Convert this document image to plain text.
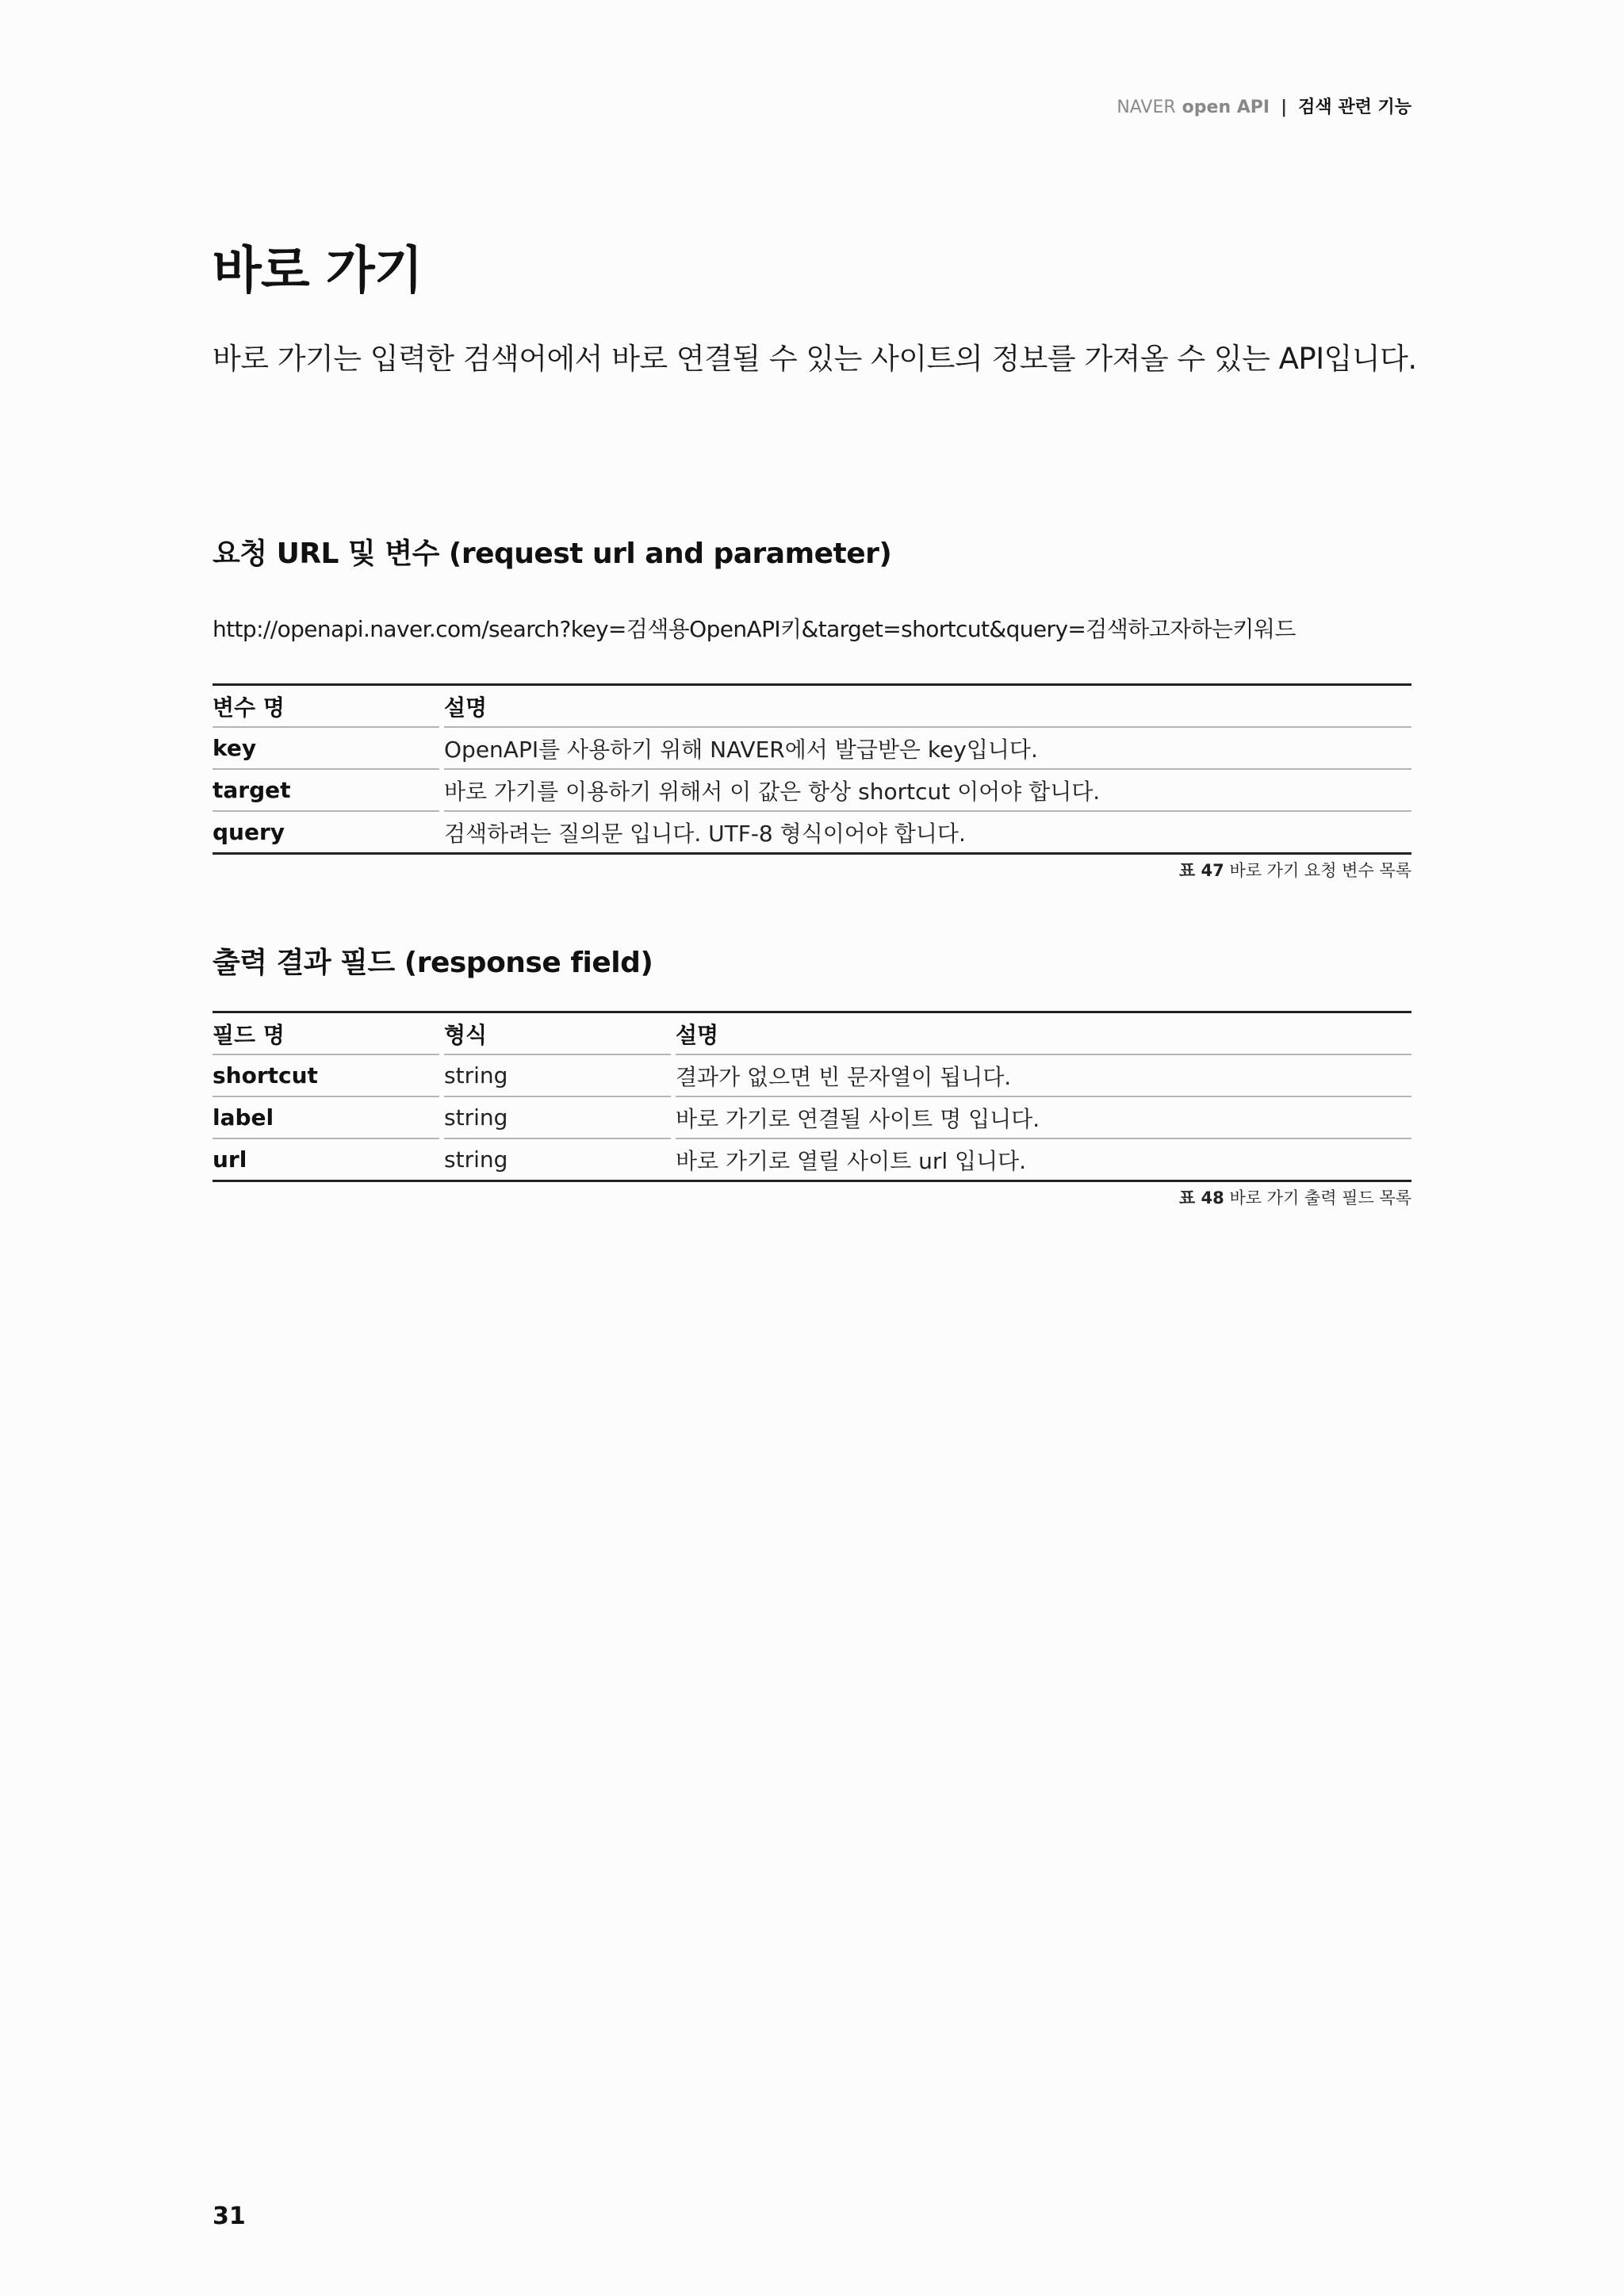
NAVER open API | 검색 관련 기능
바로 가기

바로 가기는 입력한 검색어에서 바로 연결될 수 있는 사이트의 정보를 가져올 수 있는 API입니다.

요청 URL 및 변수 (request url and parameter)
http://openapi.naver.com/search?key=검색용OpenAPI키&target=shortcut&query=검색하고자하는키워드
변수 명		설명
key		OpenAPI를 사용하기 위해 NAVER에서 발급받은 key입니다.
target		바로 가기를 이용하기 위해서 이 값은 항상 shortcut 이어야 합니다.
query		검색하려는 질의문 입니다. UTF-8 형식이어야 합니다.
표 47 바로 가기 요청 변수 목록
출력 결과 필드 (response field)
필드 명		형식		설명
shortcut		string		결과가 없으면 빈 문자열이 됩니다.
label		string		바로 가기로 연결될 사이트 명 입니다.
url		string		바로 가기로 열릴 사이트 url 입니다.
표 48 바로 가기 출력 필드 목록
31
